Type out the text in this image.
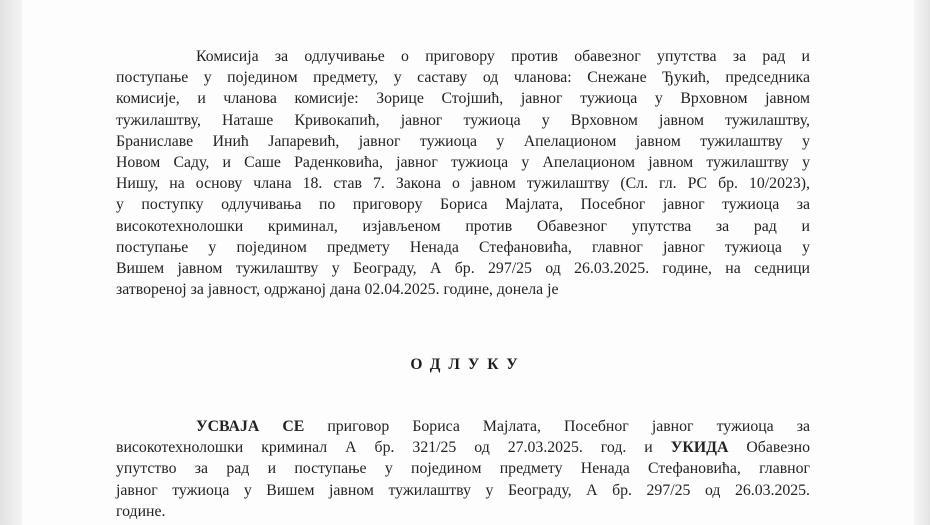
Комисија за одлучивање о приговору против обавезног упутства за рад и
поступање у појединoм предмету, у саставу од чланова: Снежане Ђукић, председника
комисије, и чланова комисије: Зорице Стојшић, јавног тужиоца у Врховном јавном
тужилаштву, Наташе Кривокапић, јавног тужиоца у Врховном јавном тужилаштву,
Браниславе Инић Јапаревић, јавног тужиоца у Апелационом јавном тужилаштву у
Новом Саду, и Саше Раденковића, јавног тужиоца у Апелационом јавном тужилаштву у
Нишу, на основу члана 18. став 7. Закона о јавном тужилаштву (Сл. гл. РС бр. 10/2023),
у поступку одлучивања по приговору Бориса Мајлата, Посебног јавног тужиоца за
високотехнолошки криминал, изјављеном против Обавезног упутства за рад и
поступање у појединoм предмету Ненада Стефановића, главног јавног тужиоца у
Вишем јавном тужилаштву у Београду, А бр. 297/25 од 26.03.2025. године, на седници
затвореној за јавност, одржаној дана 02.04.2025. године, донела је
ОДЛУКУ
УСВАЈА СЕ приговор Бориса Мајлата, Посебног јавног тужиоца за
високотехнолошки криминал А бр. 321/25 од 27.03.2025. год. и УКИДА Обавезно
упутство за рад и поступање у појединoм предмету Ненада Стефановића, главног
јавног тужиоца у Вишем јавном тужилаштву у Београду, А бр. 297/25 од 26.03.2025.
године.
